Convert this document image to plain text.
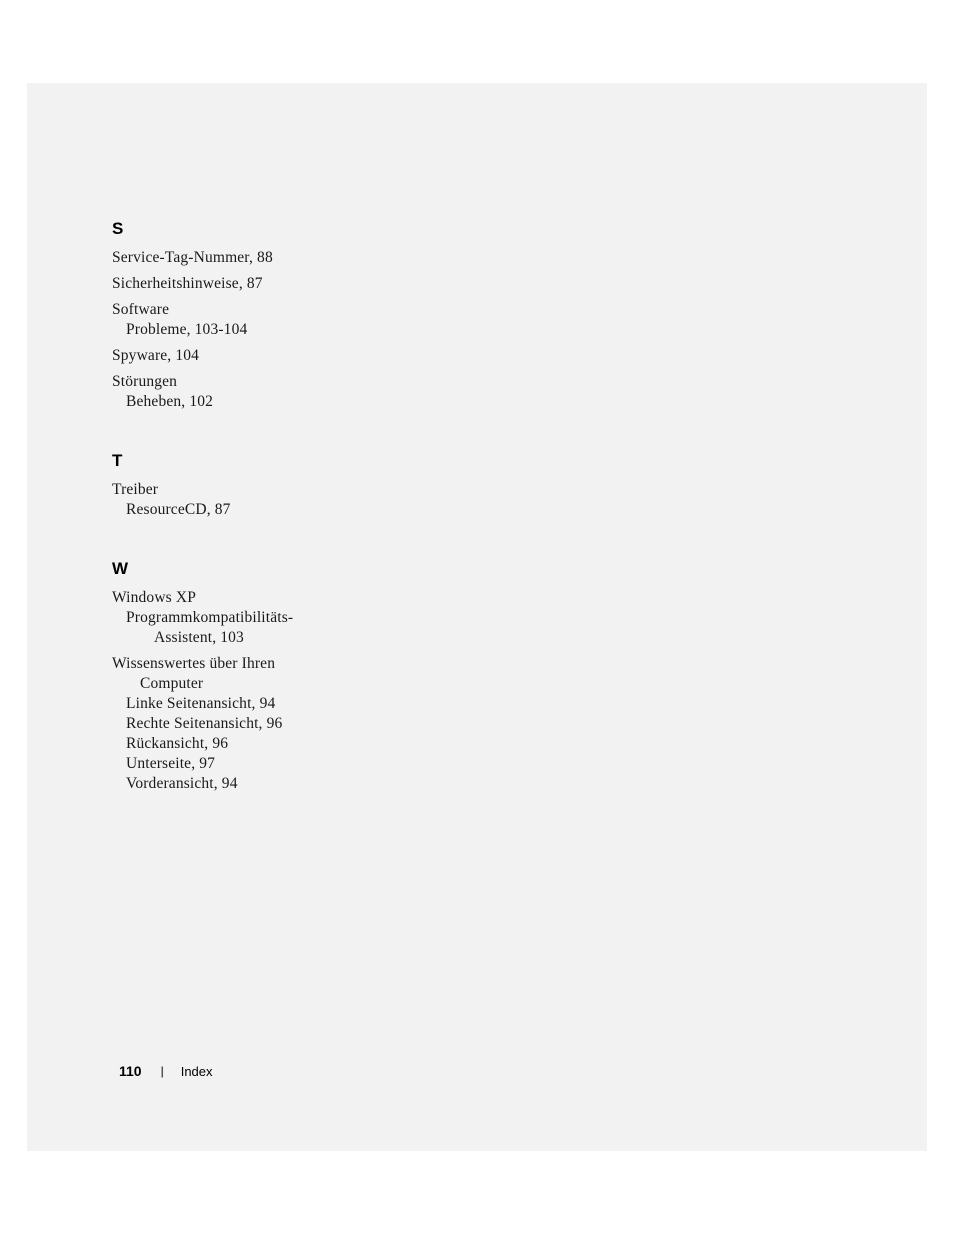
S
Service-Tag-Nummer, 88
Sicherheitshinweise, 87
Software
Probleme, 103-104
Spyware, 104
Störungen
Beheben, 102
T
Treiber
ResourceCD, 87
W
Windows XP
Programmkompatibilitäts-
Assistent, 103
Wissenswertes über Ihren
Computer
Linke Seitenansicht, 94
Rechte Seitenansicht, 96
Rückansicht, 96
Unterseite, 97
Vorderansicht, 94
110 | Index
